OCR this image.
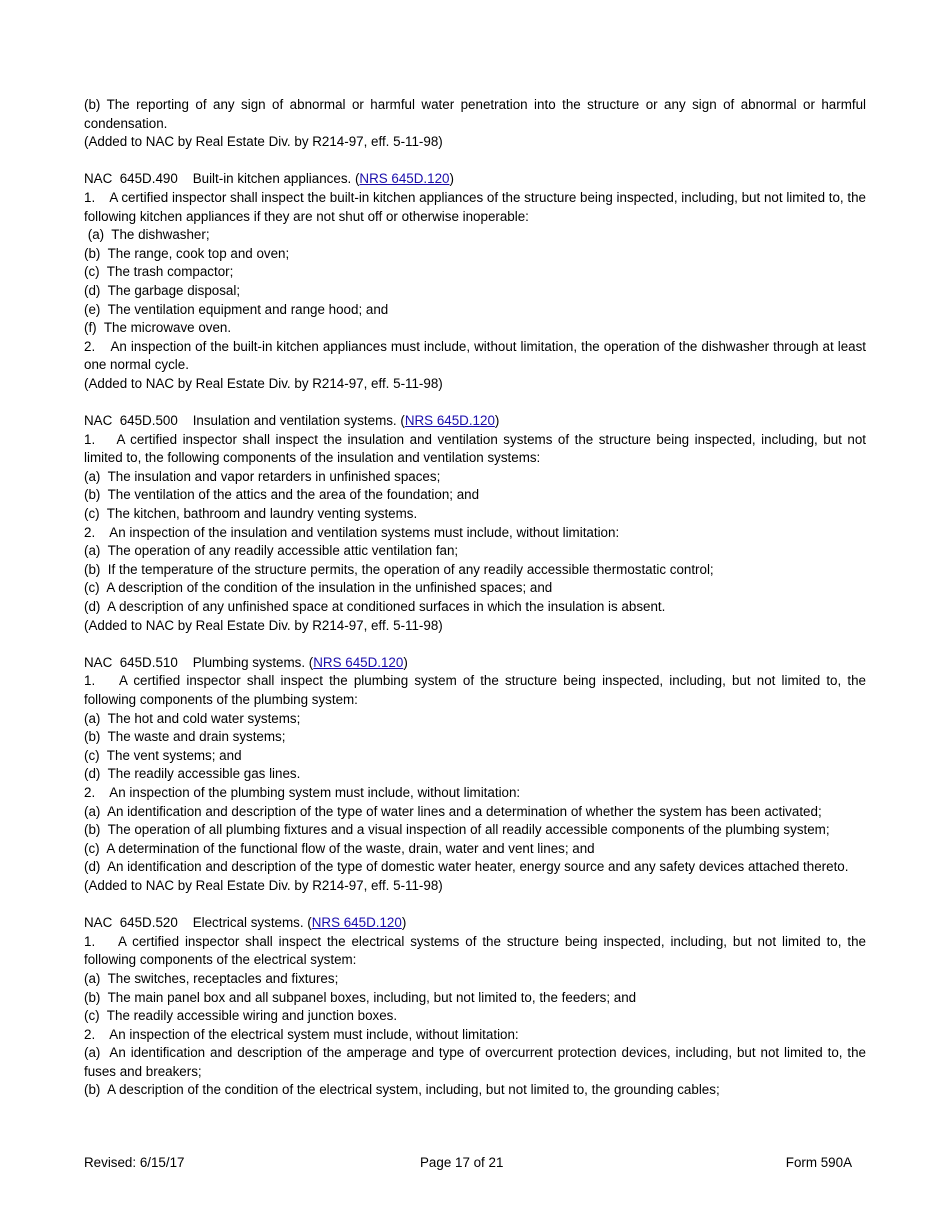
(b) The reporting of any sign of abnormal or harmful water penetration into the structure or any sign of abnormal or harmful condensation.

(Added to NAC by Real Estate Div. by R214-97, eff. 5-11-98)

NAC  645D.490 Built-in kitchen appliances. (NRS 645D.120)

1.    A certified inspector shall inspect the built-in kitchen appliances of the structure being inspected, including, but not limited to, the following kitchen appliances if they are not shut off or otherwise inoperable:

(a)  The dishwasher;

(b)  The range, cook top and oven;

(c)  The trash compactor;

(d)  The garbage disposal;

(e)  The ventilation equipment and range hood; and

(f)  The microwave oven.

2.    An inspection of the built-in kitchen appliances must include, without limitation, the operation of the dishwasher through at least one normal cycle.

(Added to NAC by Real Estate Div. by R214-97, eff. 5-11-98)

NAC  645D.500 Insulation and ventilation systems. (NRS 645D.120)

1.    A certified inspector shall inspect the insulation and ventilation systems of the structure being inspected, including, but not limited to, the following components of the insulation and ventilation systems:

(a)  The insulation and vapor retarders in unfinished spaces;

(b)  The ventilation of the attics and the area of the foundation; and

(c)  The kitchen, bathroom and laundry venting systems.

2.    An inspection of the insulation and ventilation systems must include, without limitation:

(a)  The operation of any readily accessible attic ventilation fan;

(b)  If the temperature of the structure permits, the operation of any readily accessible thermostatic control;

(c)  A description of the condition of the insulation in the unfinished spaces; and

(d)  A description of any unfinished space at conditioned surfaces in which the insulation is absent.

(Added to NAC by Real Estate Div. by R214-97, eff. 5-11-98)

NAC  645D.510 Plumbing systems. (NRS 645D.120)

1.    A certified inspector shall inspect the plumbing system of the structure being inspected, including, but not limited to, the following components of the plumbing system:

(a)  The hot and cold water systems;

(b)  The waste and drain systems;

(c)  The vent systems; and

(d)  The readily accessible gas lines.

2.    An inspection of the plumbing system must include, without limitation:

(a)  An identification and description of the type of water lines and a determination of whether the system has been activated;

(b)  The operation of all plumbing fixtures and a visual inspection of all readily accessible components of the plumbing system;

(c)  A determination of the functional flow of the waste, drain, water and vent lines; and

(d)  An identification and description of the type of domestic water heater, energy source and any safety devices attached thereto.

(Added to NAC by Real Estate Div. by R214-97, eff. 5-11-98)

NAC  645D.520 Electrical systems. (NRS 645D.120)

1.    A certified inspector shall inspect the electrical systems of the structure being inspected, including, but not limited to, the following components of the electrical system:

(a)  The switches, receptacles and fixtures;

(b)  The main panel box and all subpanel boxes, including, but not limited to, the feeders; and

(c)  The readily accessible wiring and junction boxes.

2.    An inspection of the electrical system must include, without limitation:

(a)  An identification and description of the amperage and type of overcurrent protection devices, including, but not limited to, the fuses and breakers;

(b)  A description of the condition of the electrical system, including, but not limited to, the grounding cables;

Revised: 6/15/17	Page 17 of 21	Form 590A
